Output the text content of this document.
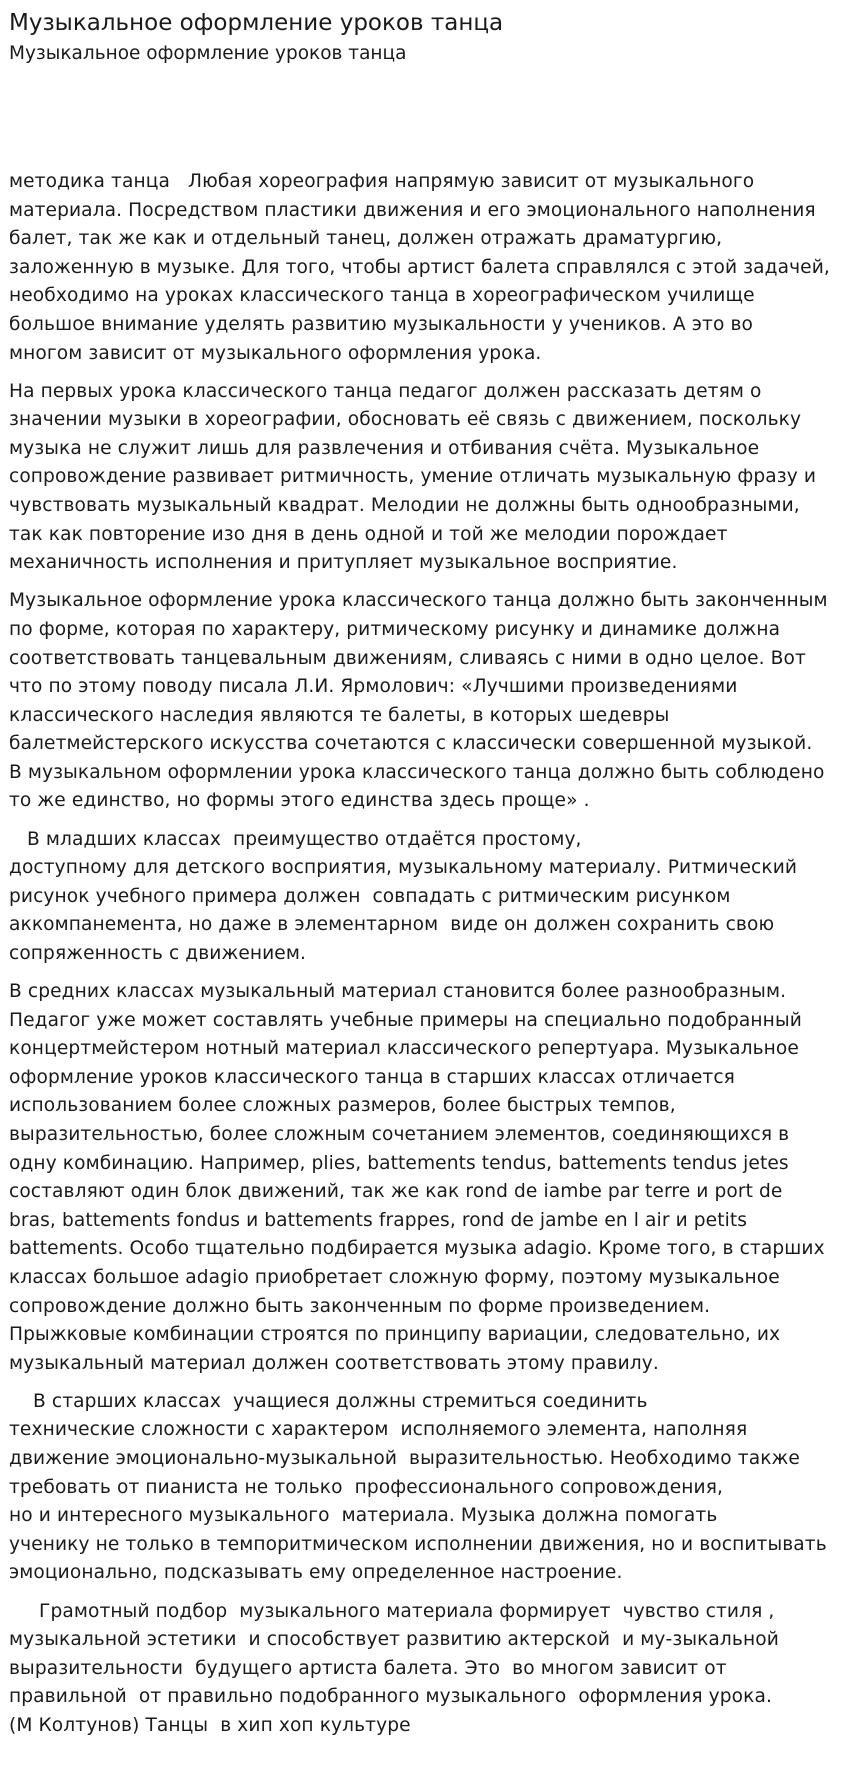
Музыкальное оформление уроков танца
Музыкальное оформление уроков танца

методика танца   Любая хореография напрямую зависит от музыкального
материала. Посредством пластики движения и его эмоционального наполнения
балет, так же как и отдельный танец, должен отражать драматургию,
заложенную в музыке. Для того, чтобы артист балета справлялся с этой задачей,
необходимо на уроках классического танца в хореографическом училище
большое внимание уделять развитию музыкальности у учеников. А это во
многом зависит от музыкального оформления урока.

На первых урока классического танца педагог должен рассказать детям о
значении музыки в хореографии, обосновать её связь с движением, поскольку
музыка не служит лишь для развлечения и отбивания счёта. Музыкальное
сопровождение развивает ритмичность, умение отличать музыкальную фразу и
чувствовать музыкальный квадрат. Мелодии не должны быть однообразными,
так как повторение изо дня в день одной и той же мелодии порождает
механичность исполнения и притупляет музыкальное восприятие.

Музыкальное оформление урока классического танца должно быть законченным
по форме, которая по характеру, ритмическому рисунку и динамике должна
соответствовать танцевальным движениям, сливаясь с ними в одно целое. Вот
что по этому поводу писала Л.И. Ярмолович: «Лучшими произведениями
классического наследия являются те балеты, в которых шедевры
балетмейстерского искусства сочетаются с классически совершенной музыкой.
В музыкальном оформлении урока классического танца должно быть соблюдено
то же единство, но формы этого единства здесь проще» .

В младших классах  преимущество отдаётся простому,
доступному для детского восприятия, музыкальному материалу. Ритмический
рисунок учебного примера должен  совпадать с ритмическим рисунком
аккомпанемента, но даже в элементарном  виде он должен сохранить свою
сопряженность с движением.

В средних классах музыкальный материал становится более разнообразным.
Педагог уже может составлять учебные примеры на специально подобранный
концертмейстером нотный материал классического репертуара. Музыкальное
оформление уроков классического танца в старших классах отличается
использованием более сложных размеров, более быстрых темпов,
выразительностью, более сложным сочетанием элементов, соединяющихся в
одну комбинацию. Например, plies, battements tendus, battements tendus jetes
составляют один блок движений, так же как rond de iambe par terre и port de
bras, battements fondus и battements frappes, rond de jambe en l air и petits
battements. Особо тщательно подбирается музыка adagio. Кроме того, в старших
классах большое adagio приобретает сложную форму, поэтому музыкальное
сопровождение должно быть законченным по форме произведением.
Прыжковые комбинации строятся по принципу вариации, следовательно, их
музыкальный материал должен соответствовать этому правилу.

В старших классах  учащиеся должны стремиться соединить
технические сложности с характером  исполняемого элемента, наполняя
движение эмоционально-музыкальной  выразительностью. Необходимо также
требовать от пианиста не только  профессионального сопровождения,
но и интересного музыкального  материала. Музыка должна помогать
ученику не только в темпоритмическом исполнении движения, но и воспитывать
эмоционально, подсказывать ему определенное настроение.

Грамотный подбор  музыкального материала формирует  чувство стиля ,
музыкальной эстетики  и способствует развитию актерской  и му-зыкальной
выразительности  будущего артиста балета. Это  во многом зависит от
правильной  от правильно подобранного музыкального  оформления урока.
(М Колтунов) Танцы  в хип хоп культуре
